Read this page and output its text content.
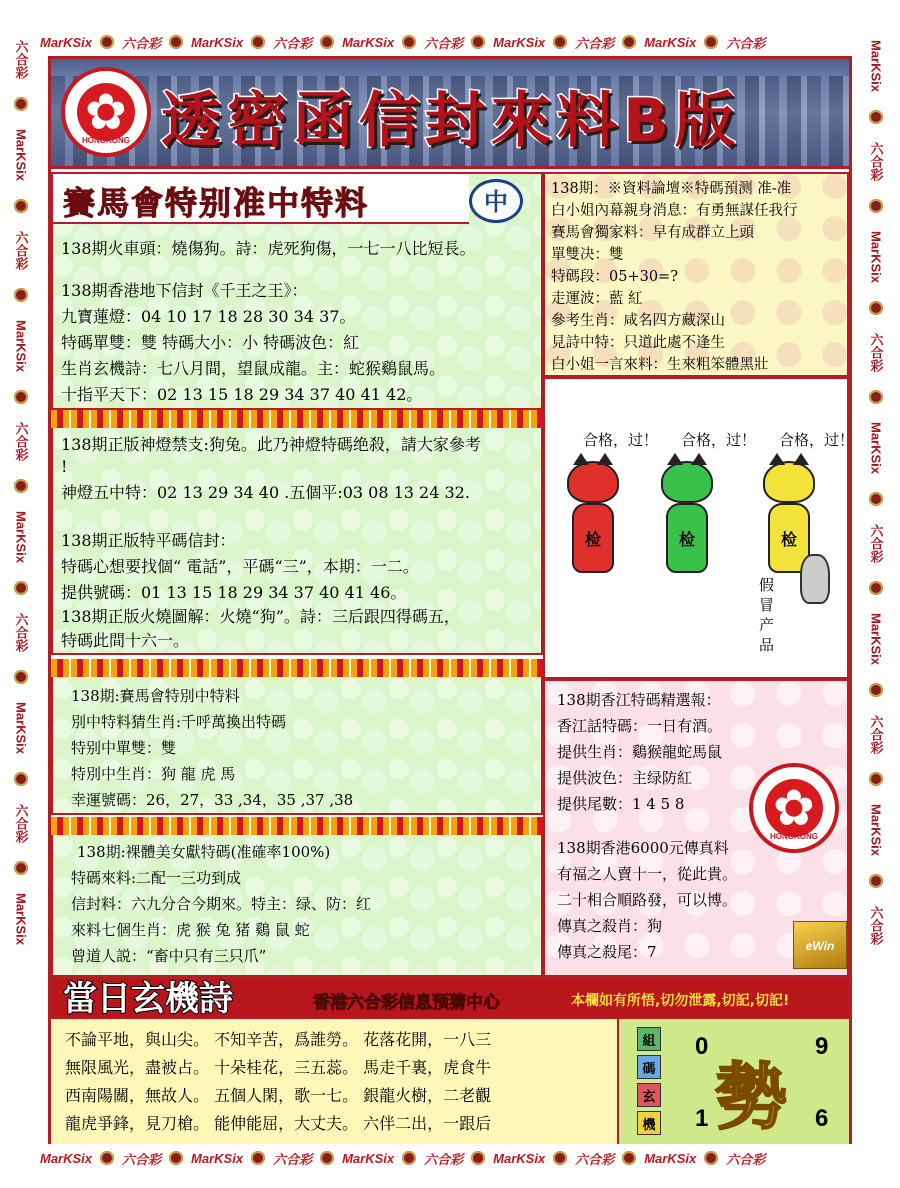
MarKSix 六合彩 MarKSix 六合彩 MarKSix 六合彩 MarKSix 六合彩 MarKSix 六合彩
MarKSix 六合彩 MarKSix 六合彩 MarKSix 六合彩 MarKSix 六合彩 MarKSix 六合彩
六合彩
MarKSix
六合彩
MarKSix
六合彩
MarKSix
六合彩
MarKSix
六合彩
MarKSix
MarKSix
六合彩
MarKSix
六合彩
MarKSix
六合彩
MarKSix
六合彩
MarKSix
六合彩
✿
HONGKONG 透密函信封來料B版
賽馬會特别准中特料
138期火車頭：燒傷狗。詩：虎死狗傷，一七一八比短長。
138期香港地下信封《千王之王》：
九寶蓮燈：04 10 17 18 28 30 34 37。
特碼單雙：雙 特碼大小：小 特碼波色：紅
生肖玄機詩：七八月間，望鼠成龍。主：蛇猴鷄鼠馬。
十指平天下：02 13 15 18 29 34 37 40 41 42。
中
138期正版神燈禁支:狗兔。此乃神燈特碼绝殺，請大家參考
!
神燈五中特：02 13 29 34 40 .五個平:03 08 13 24 32.
138期正版特平碼信封：
特碼心想要找個“ 電話”，平碼“三”，本期：一二。
提供號碼：01 13 15 18 29 34 37 40 41 46。
138期正版火燒圖解：火燒“狗”。詩：三后跟四得碼五，
特碼此間十六一。
138期:賽馬會特別中特料
別中特料猜生肖:千呼萬換出特碼
特别中單雙：雙
特別中生肖：狗 龍 虎 馬
幸運號碼：26，27，33 ,34，35 ,37 ,38
138期:裸體美女獻特碼(准確率100%)
特碼來料:二配一三功到成
信封料：六九分合今期來。特主：绿、防：红
來料七個生肖：虎 猴 兔 猪 鷄 鼠 蛇
曾道人説：“畜中只有三只爪”
138期：※資料論壇※特碼預测 准-准
白小姐內幕親身消息：有勇無謀任我行
賽馬會獨家料：早有成群立上頭
單雙决：雙
特碼段：05+30=?
走運波：藍 紅
參考生肖：咸名四方藏深山
見詩中特：只道此處不逢生
白小姐一言來料：生來粗笨體黑壯
合格，过！ 合格，过！ 合格，过！
检	检	检
假冒产品
138期香江特碼精選報：
香江話特碼：一日有酒。
提供生肖：鷄猴龍蛇馬鼠
提供波色：主绿防紅
提供尾數：1 4 5 8
138期香港6000元傳真料
有福之人賣十一，從此貴。
二十相合順路發，可以博。
傳真之殺肖：狗
傳真之殺尾：7
✿
HONGKONG
eWin
當日玄機詩	香港六合彩信息预猜中心	本欄如有所悟,切勿泄露,切記,切記!
不論平地，與山尖。 不知辛苦，爲誰勞。 花落花開，一八三
無限風光，盡被占。 十朵桂花，三五蕊。 馬走千裏，虎食牛
西南陽關，無故人。 五個人閑，歌一七。 銀龍火樹，二老觀
龍虎爭鋒，見刀槍。 能伸能屈，大丈夫。 六伴二出，一跟后
組
碼
玄
機
0	9
1	6
勢
